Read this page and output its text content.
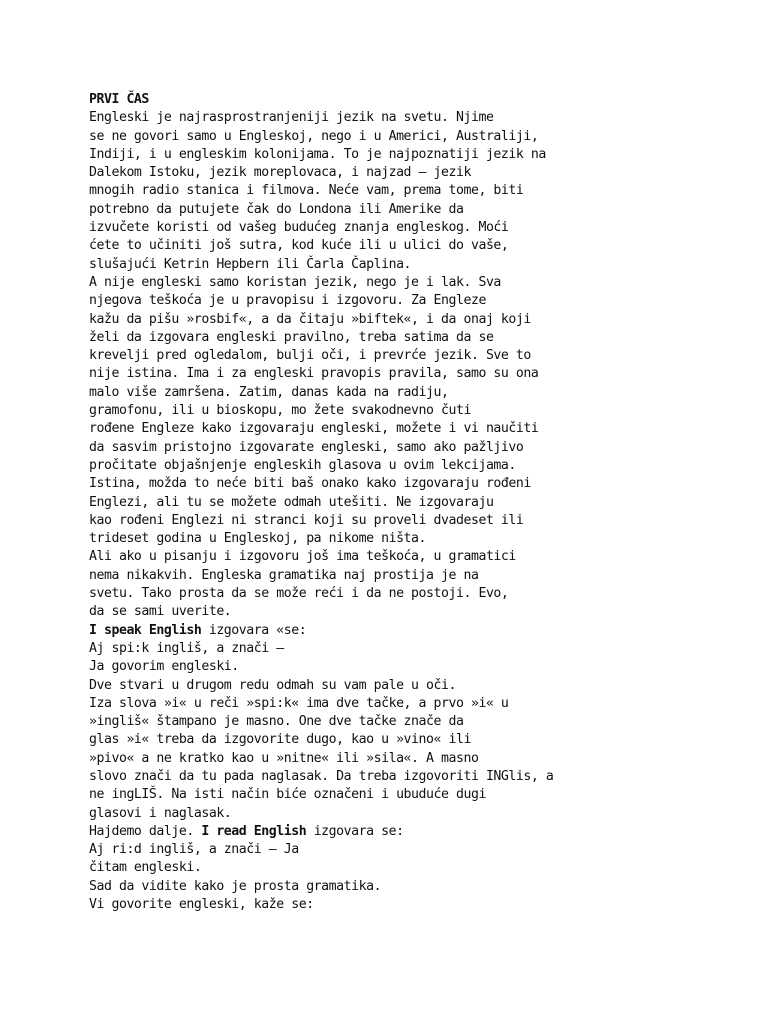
PRVI ČAS
Engleski je najrasprostranjeniji jezik na svetu. Njime
se ne govori samo u Engleskoj, nego i u Americi, Australiji,
Indiji, i u engleskim kolonijama. To je najpoznatiji jezik na
Dalekom Istoku, jezik moreplovaca, i najzad – jezik
mnogih radio stanica i filmova. Neće vam, prema tome, biti
potrebno da putujete čak do Londona ili Amerike da
izvučete koristi od vašeg budućeg znanja engleskog. Moći
ćete to učiniti još sutra, kod kuće ili u ulici do vaše,
slušajući Ketrin Hepbern ili Čarla Čaplina.
A nije engleski samo koristan jezik, nego je i lak. Sva
njegova teškoća je u pravopisu i izgovoru. Za Engleze
kažu da pišu »rosbif«, a da čitaju »biftek«, i da onaj koji
želi da izgovara engleski pravilno, treba satima da se
krevelji pred ogledalom, bulji oči, i prevrće jezik. Sve to
nije istina. Ima i za engleski pravopis pravila, samo su ona
malo više zamršena. Zatim, danas kada na radiju,
gramofonu, ili u bioskopu, mo žete svakodnevno čuti
rođene Engleze kako izgovaraju engleski, možete i vi naučiti
da sasvim pristojno izgovarate engleski, samo ako pažljivo
pročitate objašnjenje engleskih glasova u ovim lekcijama.
Istina, možda to neće biti baš onako kako izgovaraju rođeni
Englezi, ali tu se možete odmah utešiti. Ne izgovaraju
kao rođeni Englezi ni stranci koji su proveli dvadeset ili
trideset godina u Engleskoj, pa nikome ništa.
Ali ako u pisanju i izgovoru još ima teškoća, u gramatici
nema nikakvih. Engleska gramatika naj prostija je na
svetu. Tako prosta da se može reći i da ne postoji. Evo,
da se sami uverite.
I speak English izgovara «se:
Aj spi:k ingliš, a znači –
Ja govorim engleski.
Dve stvari u drugom redu odmah su vam pale u oči.
Iza slova »i« u reči »spi:k« ima dve tačke, a prvo »i« u
»ingliš« štampano je masno. One dve tačke znače da
glas »i« treba da izgovorite dugo, kao u »vino« ili
»pivo« a ne kratko kao u »nitne« ili »sila«. A masno
slovo znači da tu pada naglasak. Da treba izgovoriti INGlis, a
ne ingLIŠ. Na isti način biće označeni i ubuduće dugi
glasovi i naglasak.
Hajdemo dalje. I read English izgovara se:
Aj ri:d ingliš, a znači – Ja
čitam engleski.
Sad da vidite kako je prosta gramatika.
Vi govorite engleski, kaže se:
